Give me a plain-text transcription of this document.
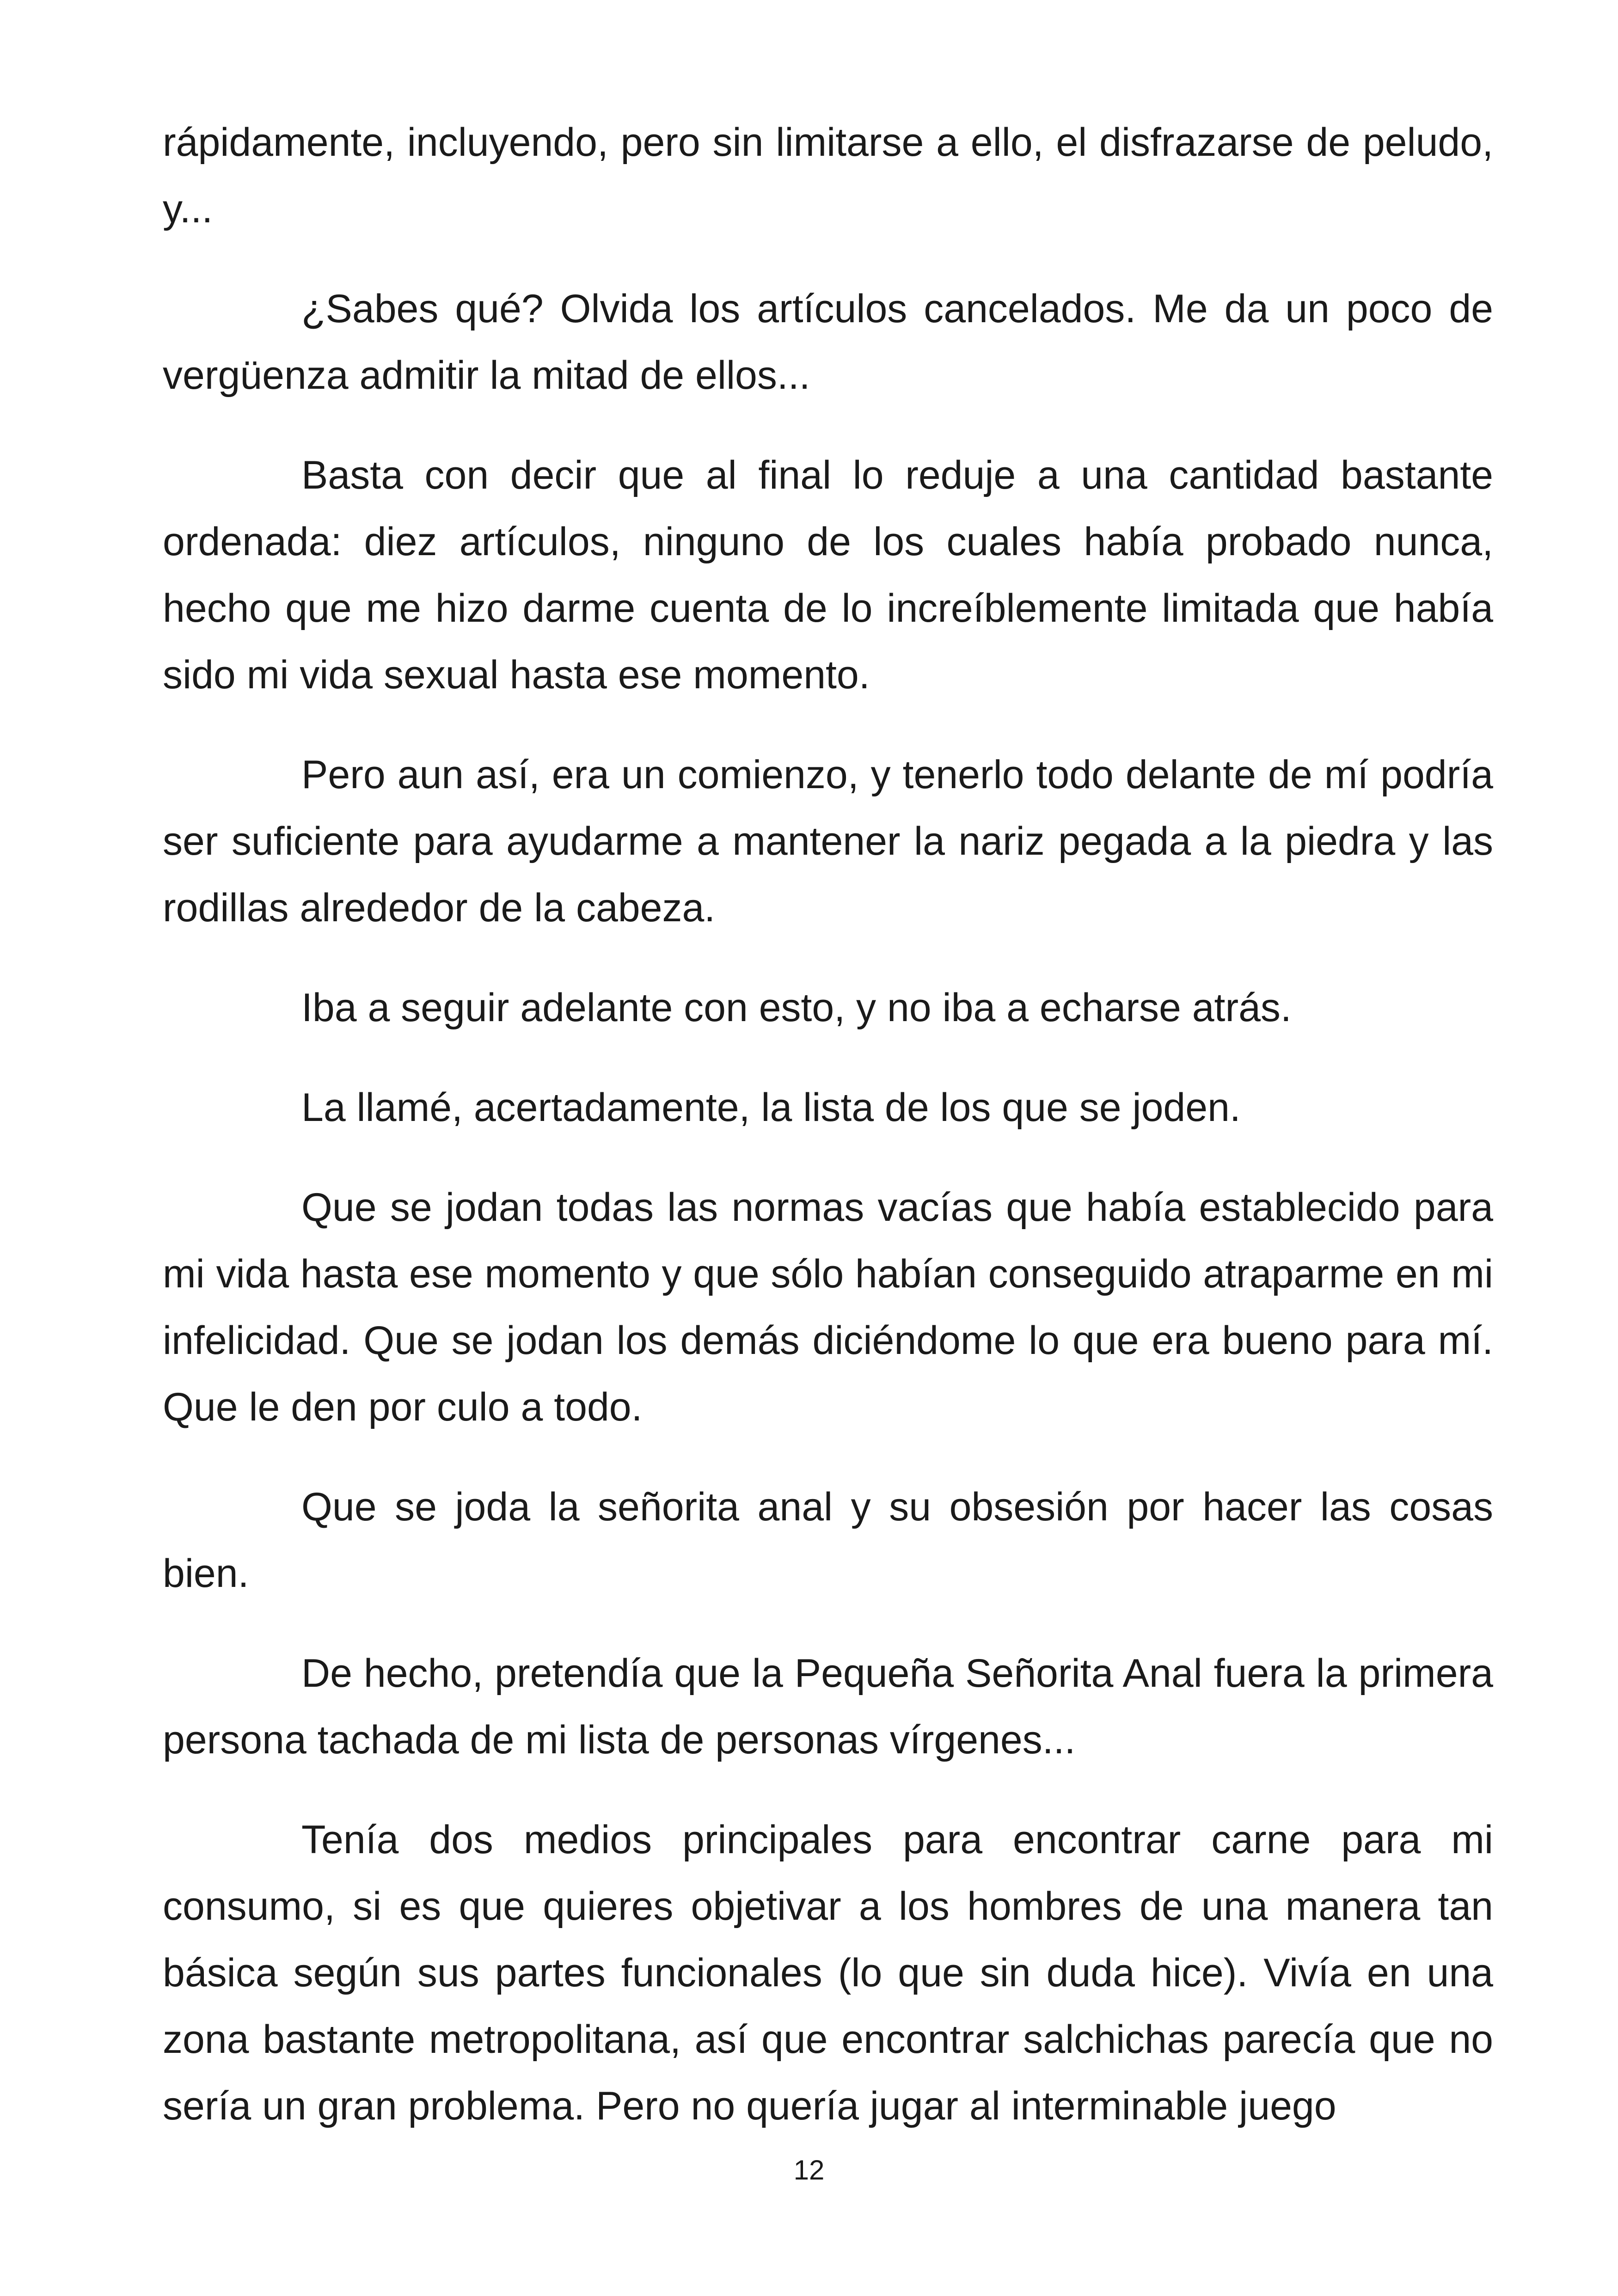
rápidamente, incluyendo, pero sin limitarse a ello, el disfrazarse de peludo, y...

¿Sabes qué? Olvida los artículos cancelados. Me da un poco de vergüenza admitir la mitad de ellos...

Basta con decir que al final lo reduje a una cantidad bastante ordenada: diez artículos, ninguno de los cuales había probado nunca, hecho que me hizo darme cuenta de lo increíblemente limitada que había sido mi vida sexual hasta ese momento.

Pero aun así, era un comienzo, y tenerlo todo delante de mí podría ser suficiente para ayudarme a mantener la nariz pegada a la piedra y las rodillas alrededor de la cabeza.

Iba a seguir adelante con esto, y no iba a echarse atrás.

La llamé, acertadamente, la lista de los que se joden.

Que se jodan todas las normas vacías que había establecido para mi vida hasta ese momento y que sólo habían conseguido atraparme en mi infelicidad. Que se jodan los demás diciéndome lo que era bueno para mí. Que le den por culo a todo.

Que se joda la señorita anal y su obsesión por hacer las cosas bien.

De hecho, pretendía que la Pequeña Señorita Anal fuera la primera persona tachada de mi lista de personas vírgenes...

Tenía dos medios principales para encontrar carne para mi consumo, si es que quieres objetivar a los hombres de una manera tan básica según sus partes funcionales (lo que sin duda hice). Vivía en una zona bastante metropolitana, así que encontrar salchichas parecía que no sería un gran problema. Pero no quería jugar al interminable juego

12
